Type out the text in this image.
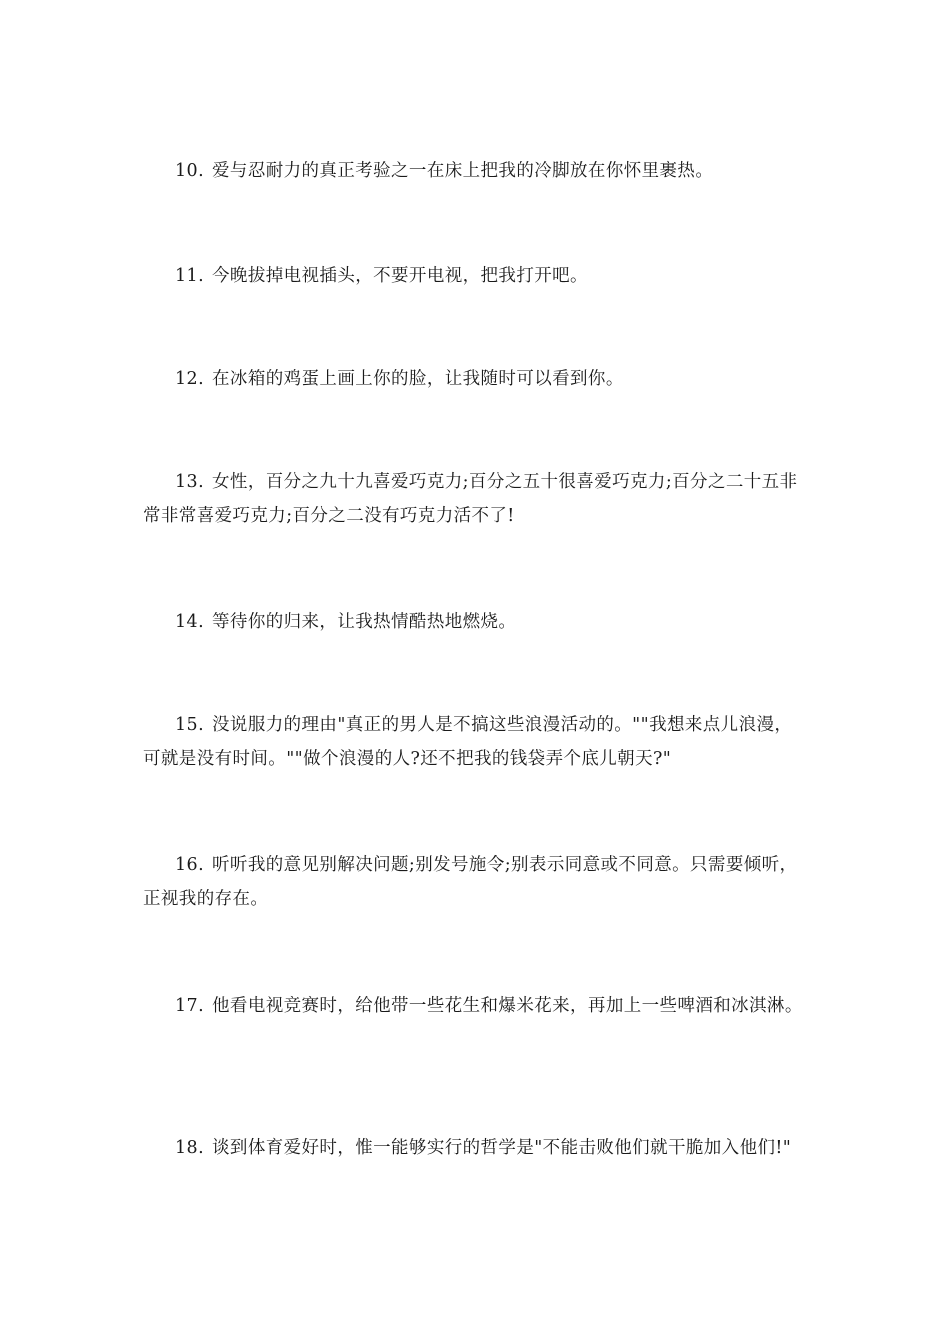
10. 爱与忍耐力的真正考验之一在床上把我的冷脚放在你怀里裹热。

11. 今晚拔掉电视插头，不要开电视，把我打开吧。

12. 在冰箱的鸡蛋上画上你的脸，让我随时可以看到你。

13. 女性，百分之九十九喜爱巧克力;百分之五十很喜爱巧克力;百分之二十五非常非常喜爱巧克力;百分之二没有巧克力活不了!

14. 等待你的归来，让我热情酷热地燃烧。

15. 没说服力的理由"真正的男人是不搞这些浪漫活动的。""我想来点儿浪漫，可就是没有时间。""做个浪漫的人?还不把我的钱袋弄个底儿朝天?"

16. 听听我的意见别解决问题;别发号施令;别表示同意或不同意。只需要倾听，正视我的存在。

17. 他看电视竞赛时，给他带一些花生和爆米花来，再加上一些啤酒和冰淇淋。

18. 谈到体育爱好时，惟一能够实行的哲学是"不能击败他们就干脆加入他们!"
